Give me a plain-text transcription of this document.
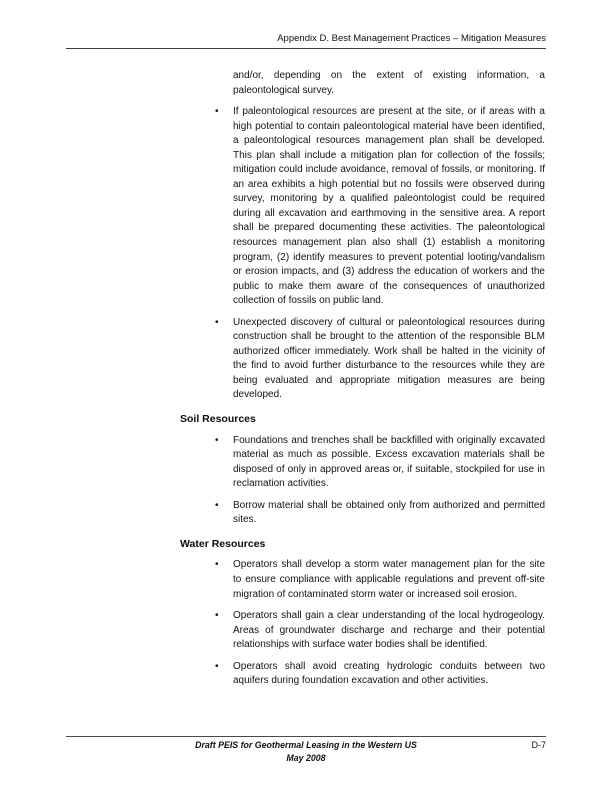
Appendix D. Best Management Practices – Mitigation Measures

and/or, depending on the extent of existing information, a paleontological survey.

•	If paleontological resources are present at the site, or if areas with a high potential to contain paleontological material have been identified, a paleontological resources management plan shall be developed. This plan shall include a mitigation plan for collection of the fossils; mitigation could include avoidance, removal of fossils, or monitoring. If an area exhibits a high potential but no fossils were observed during survey, monitoring by a qualified paleontologist could be required during all excavation and earthmoving in the sensitive area. A report shall be prepared documenting these activities. The paleontological resources management plan also shall (1) establish a monitoring program, (2) identify measures to prevent potential looting/vandalism or erosion impacts, and (3) address the education of workers and the public to make them aware of the consequences of unauthorized collection of fossils on public land.

•	Unexpected discovery of cultural or paleontological resources during construction shall be brought to the attention of the responsible BLM authorized officer immediately. Work shall be halted in the vicinity of the find to avoid further disturbance to the resources while they are being evaluated and appropriate mitigation measures are being developed.

Soil Resources
•	Foundations and trenches shall be backfilled with originally excavated material as much as possible. Excess excavation materials shall be disposed of only in approved areas or, if suitable, stockpiled for use in reclamation activities.

•	Borrow material shall be obtained only from authorized and permitted sites.

Water Resources
•	Operators shall develop a storm water management plan for the site to ensure compliance with applicable regulations and prevent off-site migration of contaminated storm water or increased soil erosion.

•	Operators shall gain a clear understanding of the local hydrogeology. Areas of groundwater discharge and recharge and their potential relationships with surface water bodies shall be identified.

•	Operators shall avoid creating hydrologic conduits between two aquifers during foundation excavation and other activities.

Draft PEIS for Geothermal Leasing in the Western US	D-7
May 2008
